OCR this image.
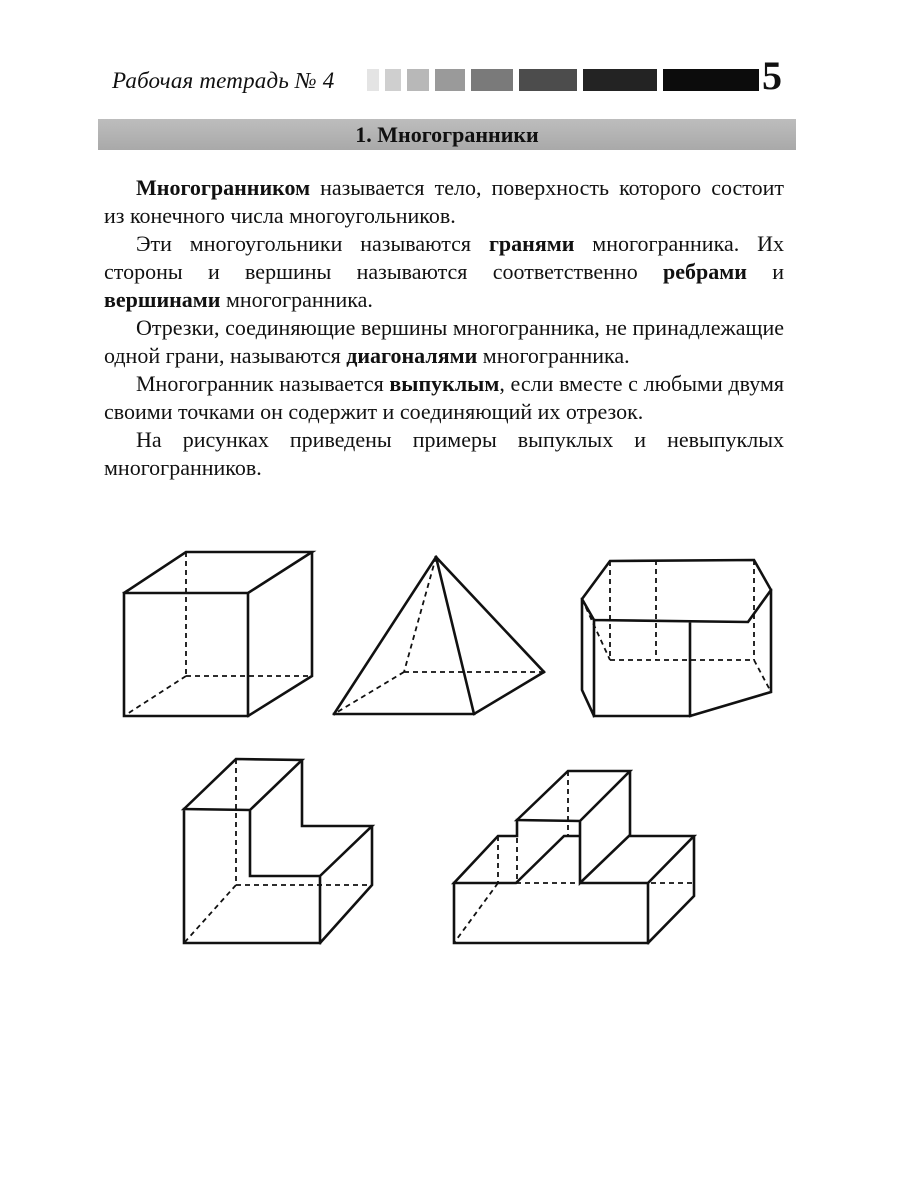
Рабочая тетрадь № 4	5
1. Многогранники

Многогранником называется тело, поверхность которого состоит из конечного числа многоугольников.

Эти многоугольники называются гранями многогранника. Их стороны и вершины называются соответственно ребрами и вершинами многогранника.

Отрезки, соединяющие вершины многогранника, не принадлежащие одной грани, называются диагоналями многогранника.

Многогранник называется выпуклым, если вместе с любыми двумя своими точками он содержит и соединяющий их отрезок.

На рисунках приведены примеры выпуклых и невыпуклых многогранников.
